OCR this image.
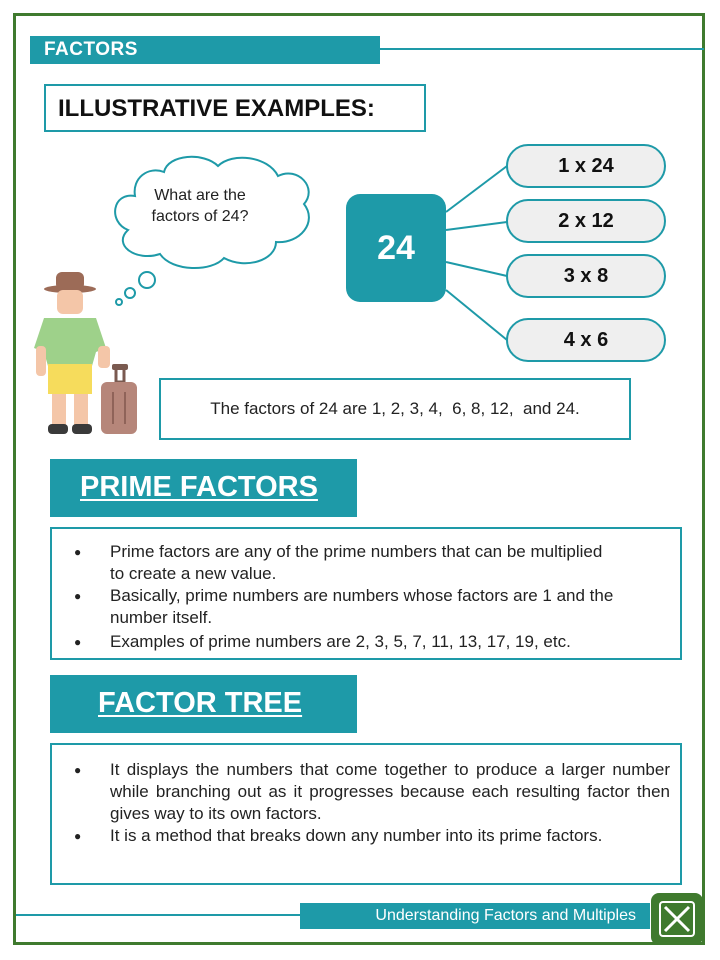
FACTORS
ILLUSTRATIVE EXAMPLES:
What are the factors of 24?
24
1 x 24
2 x 12
3 x 8
4 x 6
The factors of 24 are 1, 2, 3, 4,  6, 8, 12,  and 24.
PRIME FACTORS
● Prime factors are any of the prime numbers that can be multiplied to create a new value.
● Basically, prime numbers are numbers whose factors are 1 and the number itself.
● Examples of prime numbers are 2, 3, 5, 7, 11, 13, 17, 19, etc.
FACTOR TREE
● It displays the numbers that come together to produce a larger number while branching out as it progresses because each resulting factor then gives way to its own factors.
● It is a method that breaks down any number into its prime factors.
Understanding Factors and Multiples
